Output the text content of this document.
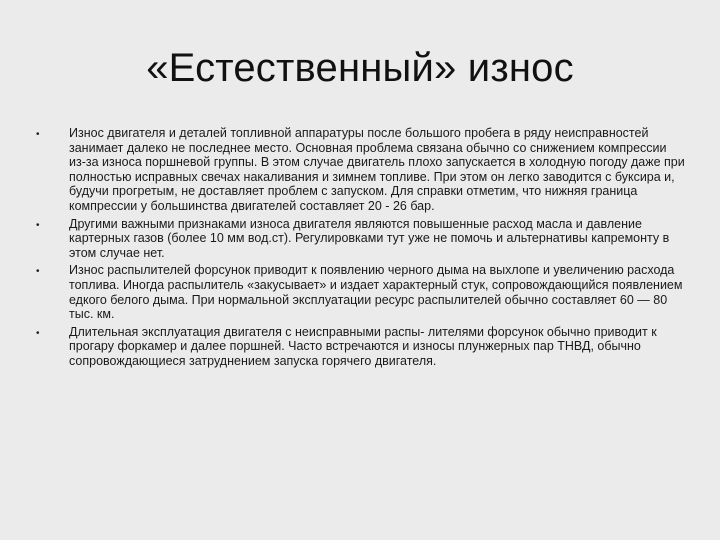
«Естественный» износ
•	Износ двигателя и деталей топливной аппаратуры после большого пробега в ряду неисправностей занимает далеко не последнее место. Основная проблема связана обычно со снижением компрессии из-за износа поршневой группы. В этом случае двигатель плохо запускается в холодную погоду даже при полностью исправных свечах накаливания и зимнем топливе. При этом он легко заводится с буксира и, будучи прогретым, не доставляет проблем с запуском. Для справки отметим, что нижняя граница компрессии у большинства двигателей составляет 20 - 26 бар.
•	Другими важными признаками износа двигателя являются повышенные расход масла и давление картерных газов (более 10 мм вод.ст). Регулировками тут уже не помочь и альтернативы капремонту в этом случае нет.
•	Износ распылителей форсунок приводит к появлению черного дыма на выхлопе и увеличению расхода топлива. Иногда распылитель «закусывает» и издает характерный стук, сопровождающийся появлением едкого белого дыма. При нормальной эксплуатации ресурс распылителей обычно составляет 60 — 80 тыс. км.
•	Длительная эксплуатация двигателя с неисправными распы- лителями форсунок обычно приводит к прогару форкамер и далее поршней. Часто встречаются и износы плунжерных пар ТНВД, обычно сопровождающиеся затруднением запуска горячего двигателя.
